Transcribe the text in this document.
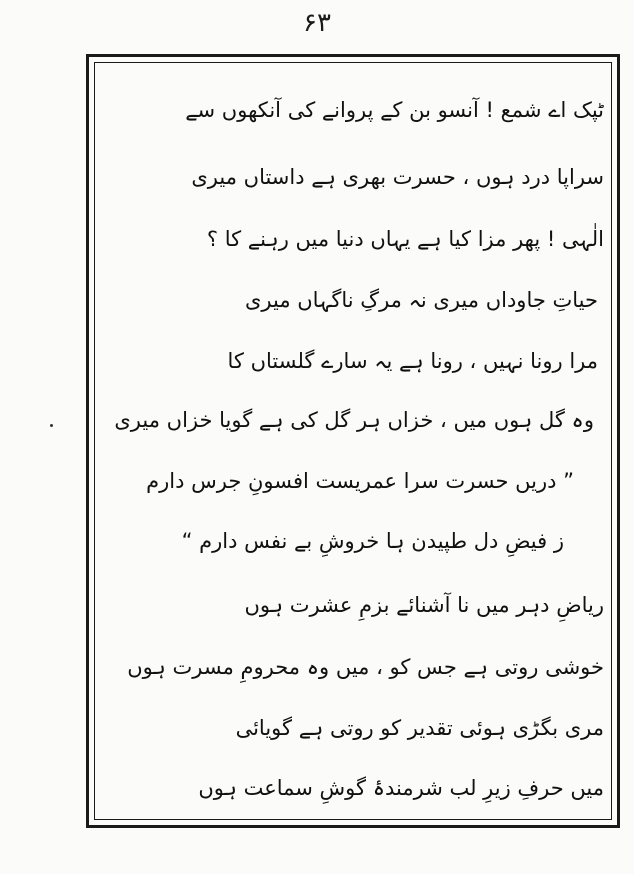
۶۳
ٹپک اے شمع ! آنسو بن کے پروانے کی آنکھوں سے
سراپا درد ہوں ، حسرت بھری ہے داستاں میری
الٰہی ! پھر مزا کیا ہے یہاں دنیا میں رہنے کا ؟
حیاتِ جاوداں میری نہ مرگِ ناگہاں میری
مرا رونا نہیں ، رونا ہے یہ سارے گلستاں کا
وہ گل ہوں میں ، خزاں ہر گل کی ہے گویا خزاں میری
” دریں حسرت سرا عمریست افسونِ جرس دارم
ز فیضِ دل طپیدن ہا خروشِ بے نفس دارم “
ریاضِ دہر میں نا آشنائے بزمِ عشرت ہوں
خوشی روتی ہے جس کو ، میں وہ محرومِ مسرت ہوں
مری بگڑی ہوئی تقدیر کو روتی ہے گویائی
میں حرفِ زیرِ لب شرمندۂ گوشِ سماعت ہوں
